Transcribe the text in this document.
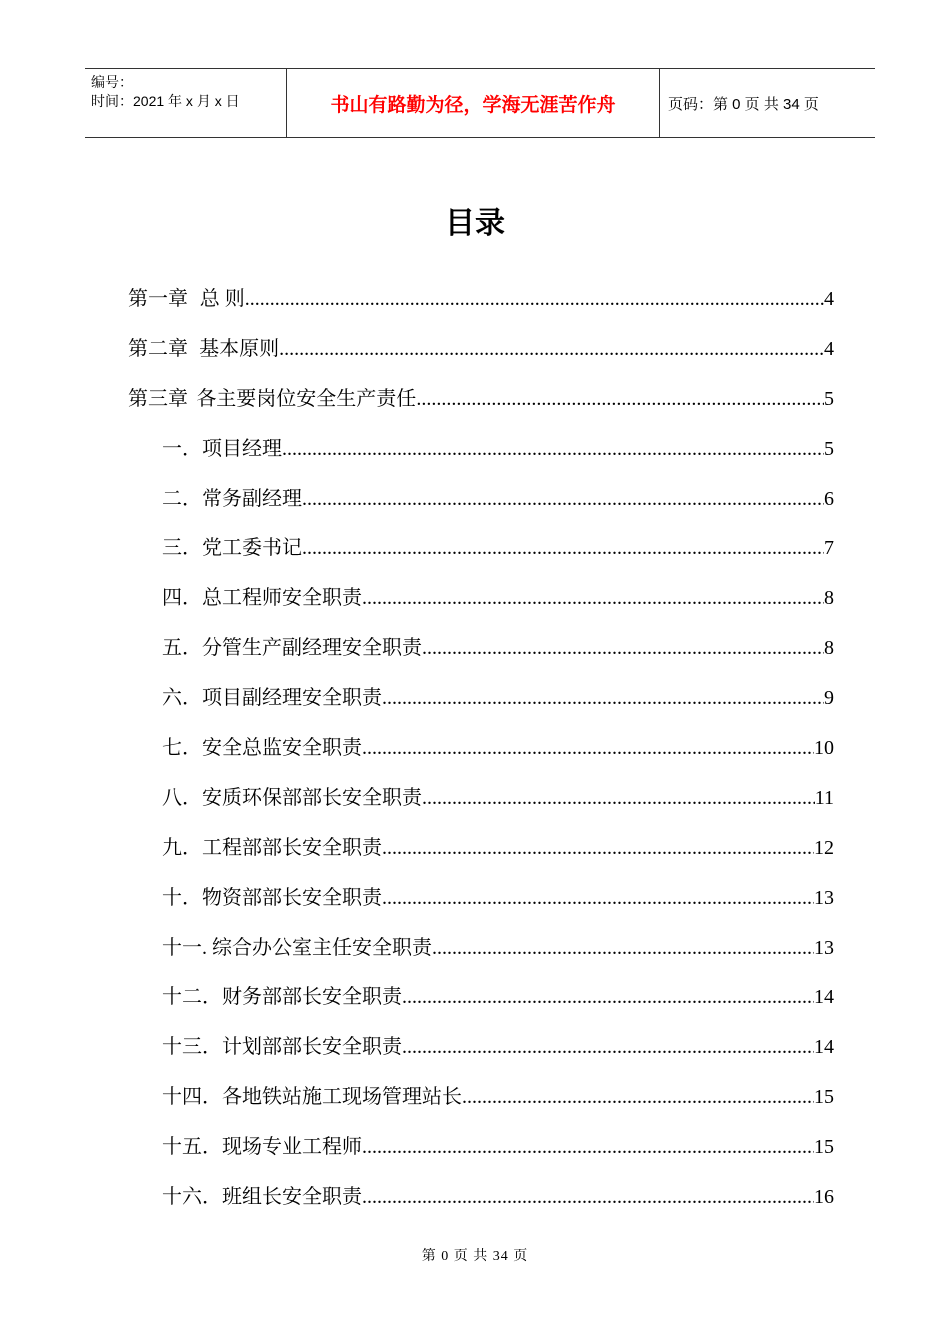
编号：
时间：2021 年 x 月 x 日	书山有路勤为径，学海无涯苦作舟	页码：第 0 页 共 34 页
目录
第一章 总 则 .....	4
第二章 基本原则 .....	4
第三章 各主要岗位安全生产责任 .....	5
一．项目经理 .....	5
二．常务副经理 .....	6
三．党工委书记 .....	7
四．总工程师安全职责 .....	8
五．分管生产副经理安全职责 .....	8
六．项目副经理安全职责 .....	9
七．安全总监安全职责 .....	10
八．安质环保部部长安全职责 .....	11
九．工程部部长安全职责 .....	12
十．物资部部长安全职责 .....	13
十一. 综合办公室主任安全职责 .....	13
十二．财务部部长安全职责 .....	14
十三．计划部部长安全职责 .....	14
十四．各地铁站施工现场管理站长 .....	15
十五．现场专业工程师 .....	15
十六．班组长安全职责 .....	16
第 0 页 共 34 页
